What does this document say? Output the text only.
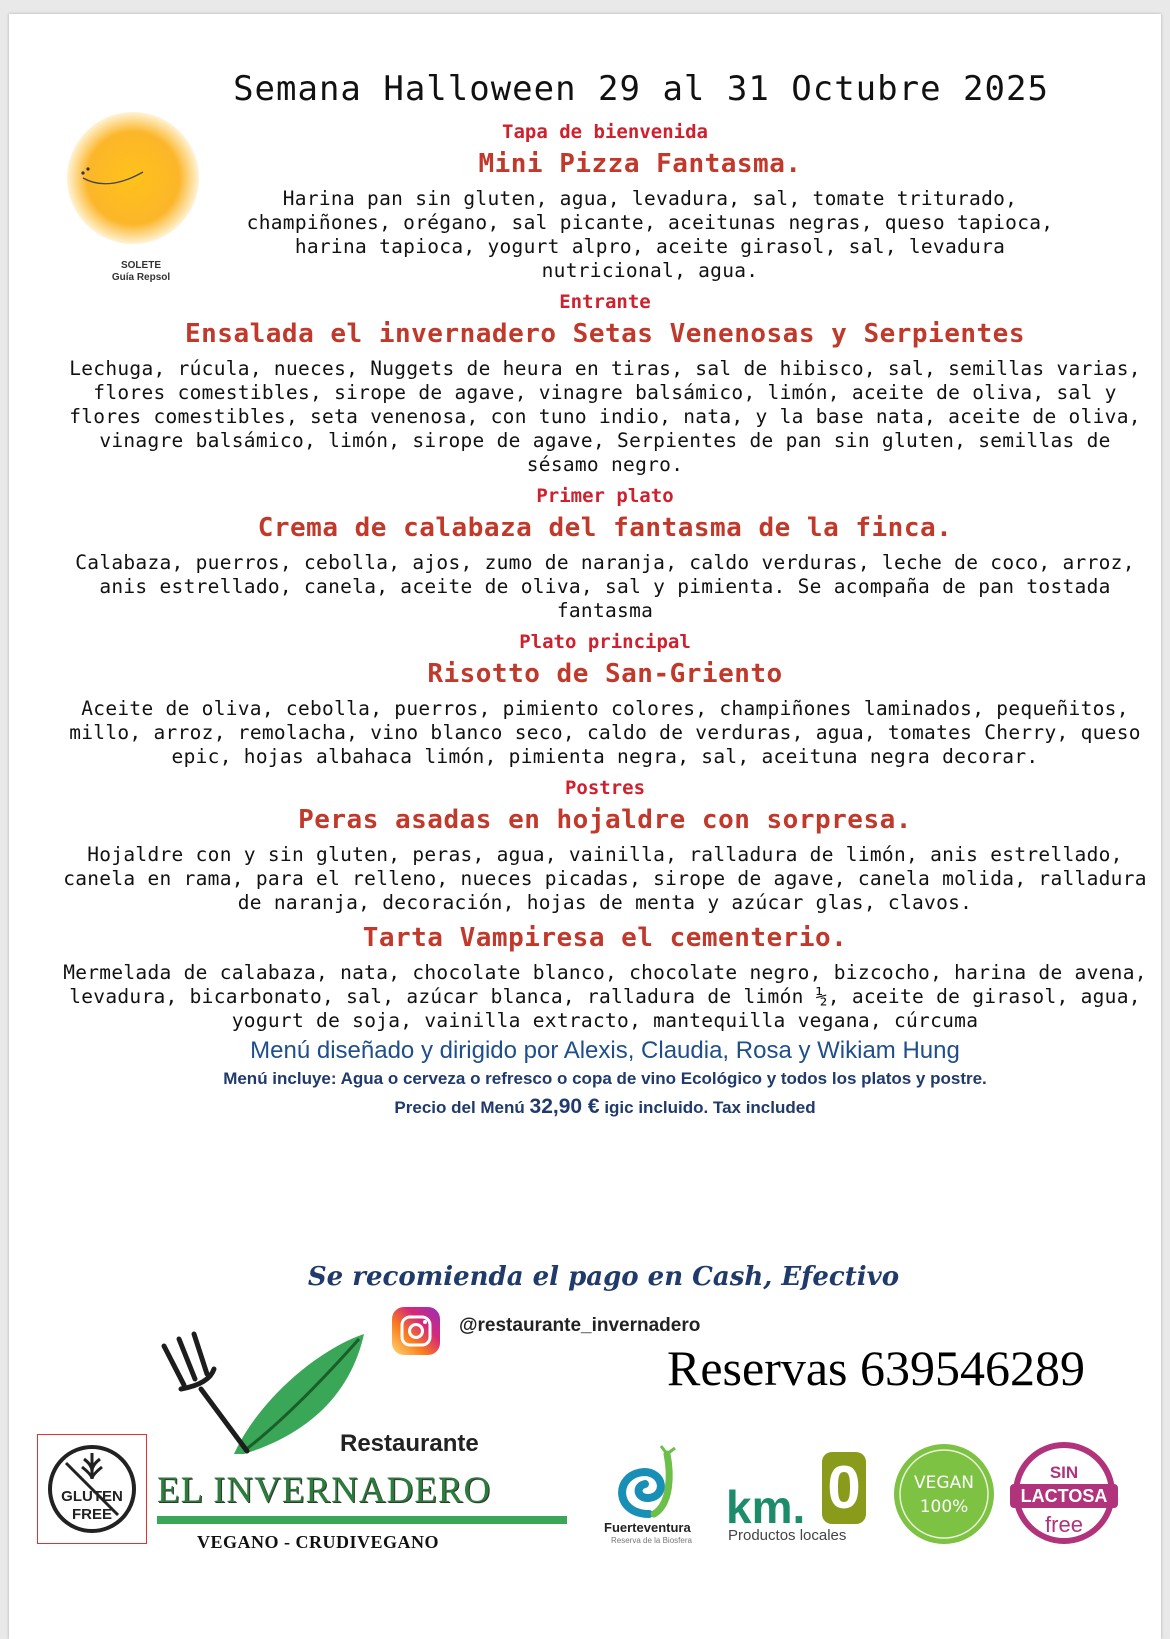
SOLETE
Guía Repsol
Semana Halloween 29 al 31 Octubre 2025
Tapa de bienvenida
Mini Pizza Fantasma.
Harina pan sin gluten, agua, levadura, sal, tomate triturado, champiñones, orégano, sal picante, aceitunas negras, queso tapioca, harina tapioca, yogurt alpro, aceite girasol, sal, levadura nutricional, agua.
Entrante
Ensalada el invernadero Setas Venenosas y Serpientes
Lechuga, rúcula, nueces, Nuggets de heura en tiras, sal de hibisco, sal, semillas varias, flores comestibles, sirope de agave, vinagre balsámico, limón, aceite de oliva, sal y flores comestibles, seta venenosa, con tuno indio, nata, y la base nata, aceite de oliva, vinagre balsámico, limón, sirope de agave, Serpientes de pan sin gluten, semillas de sésamo negro.
Primer plato
Crema de calabaza del fantasma de la finca.
Calabaza, puerros, cebolla, ajos, zumo de naranja, caldo verduras, leche de coco, arroz, anis estrellado, canela, aceite de oliva, sal y pimienta. Se acompaña de pan tostada fantasma
Plato principal
Risotto de San-Griento
Aceite de oliva, cebolla, puerros, pimiento colores, champiñones laminados, pequeñitos, millo, arroz, remolacha, vino blanco seco, caldo de verduras, agua, tomates Cherry, queso epic, hojas albahaca limón, pimienta negra, sal, aceituna negra decorar.
Postres
Peras asadas en hojaldre con sorpresa.
Hojaldre con y sin gluten, peras, agua, vainilla, ralladura de limón, anis estrellado, canela en rama, para el relleno, nueces picadas, sirope de agave, canela molida, ralladura de naranja, decoración, hojas de menta y azúcar glas, clavos.
Tarta Vampiresa el cementerio.
Mermelada de calabaza, nata, chocolate blanco, chocolate negro, bizcocho, harina de avena, levadura, bicarbonato, sal, azúcar blanca, ralladura de limón ½, aceite de girasol, agua, yogurt de soja, vainilla extracto, mantequilla vegana, cúrcuma
Menú diseñado y dirigido por Alexis, Claudia, Rosa y Wikiam Hung
Menú incluye: Agua o cerveza o refresco o copa de vino Ecológico y todos los platos y postre.
Precio del Menú 32,90 € igic incluido. Tax included
Se recomienda el pago en Cash, Efectivo
@restaurante_invernadero
Reservas 639546289
Restaurante
EL INVERNADERO
VEGANO - CRUDIVEGANO
GLUTEN
FREE
Fuerteventura
Reserva de la Biosfera
km. 0
Productos locales
VEGAN
100%
SIN
LACTOSA
free
